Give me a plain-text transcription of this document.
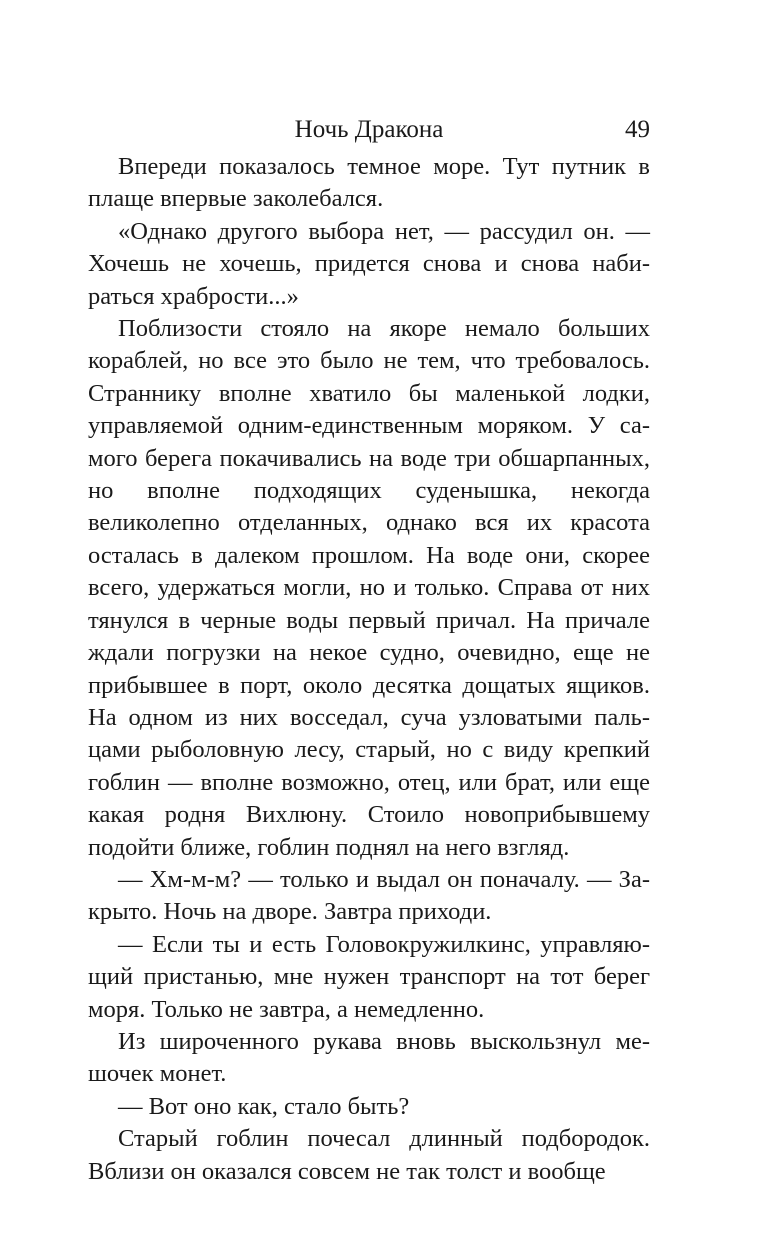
Ночь Дракона	49

Впереди показалось темное море. Тут путник в плаще впервые заколебался.

«Однако другого выбора нет, — рассудил он. — Хочешь не хочешь, придется снова и снова набираться храбрости...»

Поблизости стояло на якоре немало больших кораблей, но все это было не тем, что требовалось. Страннику вполне хватило бы маленькой лодки, управляемой одним-единственным моряком. У самого берега покачивались на воде три обшарпанных, но вполне подходящих суденышка, некогда великолепно отделанных, однако вся их красота осталась в далеком прошлом. На воде они, скорее всего, удержаться могли, но и только. Справа от них тянулся в черные воды первый причал. На причале ждали погрузки на некое судно, очевидно, еще не прибывшее в порт, около десятка дощатых ящиков. На одном из них восседал, суча узловатыми пальцами рыболовную лесу, старый, но с виду крепкий гоблин — вполне возможно, отец, или брат, или еще какая родня Вихлюну. Стоило новоприбывшему подойти ближе, гоблин поднял на него взгляд.

— Хм-м-м? — только и выдал он поначалу. — Закрыто. Ночь на дворе. Завтра приходи.

— Если ты и есть Головокружилкинс, управляющий пристанью, мне нужен транспорт на тот берег моря. Только не завтра, а немедленно.

Из широченного рукава вновь выскользнул мешочек монет.

— Вот оно как, стало быть?

Старый гоблин почесал длинный подбородок. Вблизи он оказался совсем не так толст и вообще
